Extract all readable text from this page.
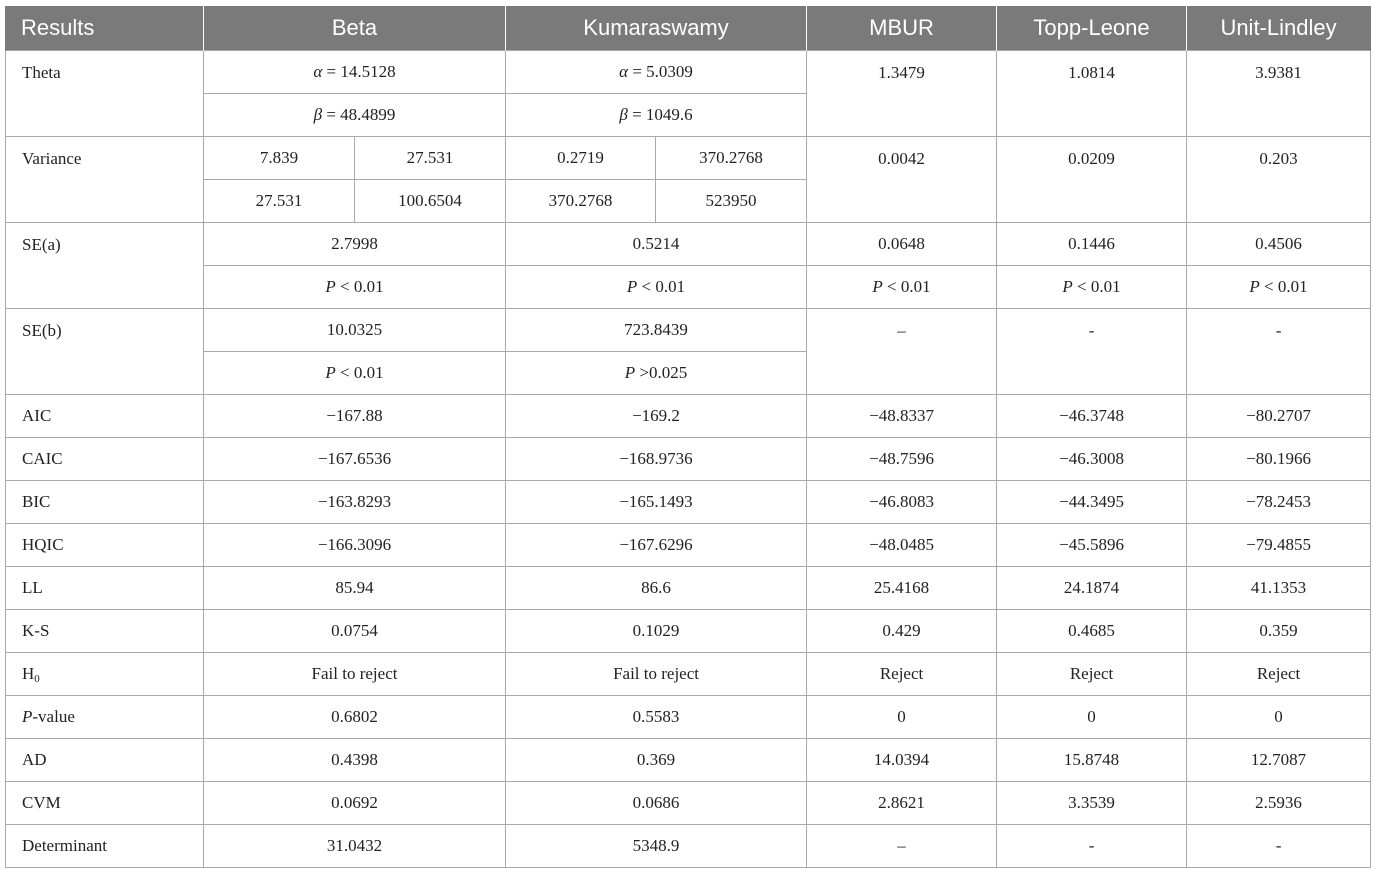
Results	Beta		Kumaraswamy		MBUR	Topp-Leone	Unit-Lindley
Theta	α = 14.5128		α = 5.0309		1.3479	1.0814	3.9381
	β = 48.4899		β = 1049.6				
Variance	7.839	27.531	0.2719	370.2768	0.0042	0.0209	0.203
	27.531	100.6504	370.2768	523950			
SE(a)	2.7998		0.5214		0.0648	0.1446	0.4506
	P < 0.01		P < 0.01		P < 0.01	P < 0.01	P < 0.01
SE(b)	10.0325		723.8439		–	-	-
	P < 0.01		P >0.025				
AIC	−167.88		−169.2		−48.8337	−46.3748	−80.2707
CAIC	−167.6536		−168.9736		−48.7596	−46.3008	−80.1966
BIC	−163.8293		−165.1493		−46.8083	−44.3495	−78.2453
HQIC	−166.3096		−167.6296		−48.0485	−45.5896	−79.4855
LL	85.94		86.6		25.4168	24.1874	41.1353
K-S	0.0754		0.1029		0.429	0.4685	0.359
$H_0$	Fail to reject		Fail to reject		Reject	Reject	Reject
P-value	0.6802		0.5583		0	0	0
AD	0.4398		0.369		14.0394	15.8748	12.7087
CVM	0.0692		0.0686		2.8621	3.3539	2.5936
Determinant	31.0432		5348.9		–	-	-
